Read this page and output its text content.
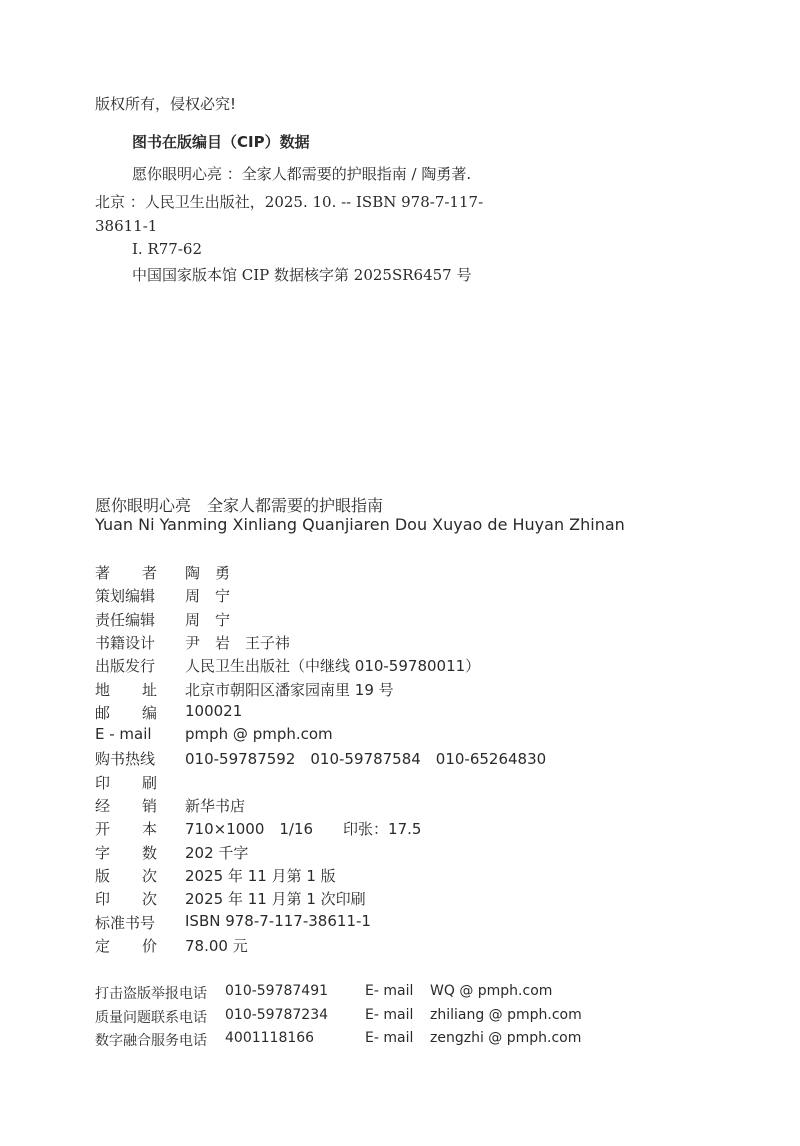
版权所有，侵权必究!
图书在版编目（CIP）数据
愿你眼明心亮 ：全家人都需要的护眼指南 / 陶勇著.
北京 ：人民卫生出版社，2025. 10. -- ISBN 978-7-117-
38611-1
I. R77-62
中国国家版本馆 CIP 数据核字第 2025SR6457 号
愿你眼明心亮　全家人都需要的护眼指南
Yuan Ni Yanming Xinliang Quanjiaren Dou Xuyao de Huyan Zhinan
著 者 陶　勇
策划编辑 周　宁
责任编辑 周　宁
书籍设计 尹　岩　王子祎
出版发行 人民卫生出版社（中继线 010-59780011）
地 址 北京市朝阳区潘家园南里 19 号
邮 编 100021
E - mail	pmph @ pmph.com
购书热线 010-59787592　010-59787584　010-65264830
印 刷
经 销 新华书店
开 本 710×1000　1/16　　印张：17.5
字 数 202 千字
版 次 2025 年 11 月第 1 版
印 次 2025 年 11 月第 1 次印刷
标准书号 ISBN 978-7-117-38611-1
定 价 78.00 元
打击盗版举报电话 010-59787491	E- mail WQ @ pmph.com
质量问题联系电话 010-59787234	E- mail zhiliang @ pmph.com
数字融合服务电话 4001118166	E- mail zengzhi @ pmph.com
